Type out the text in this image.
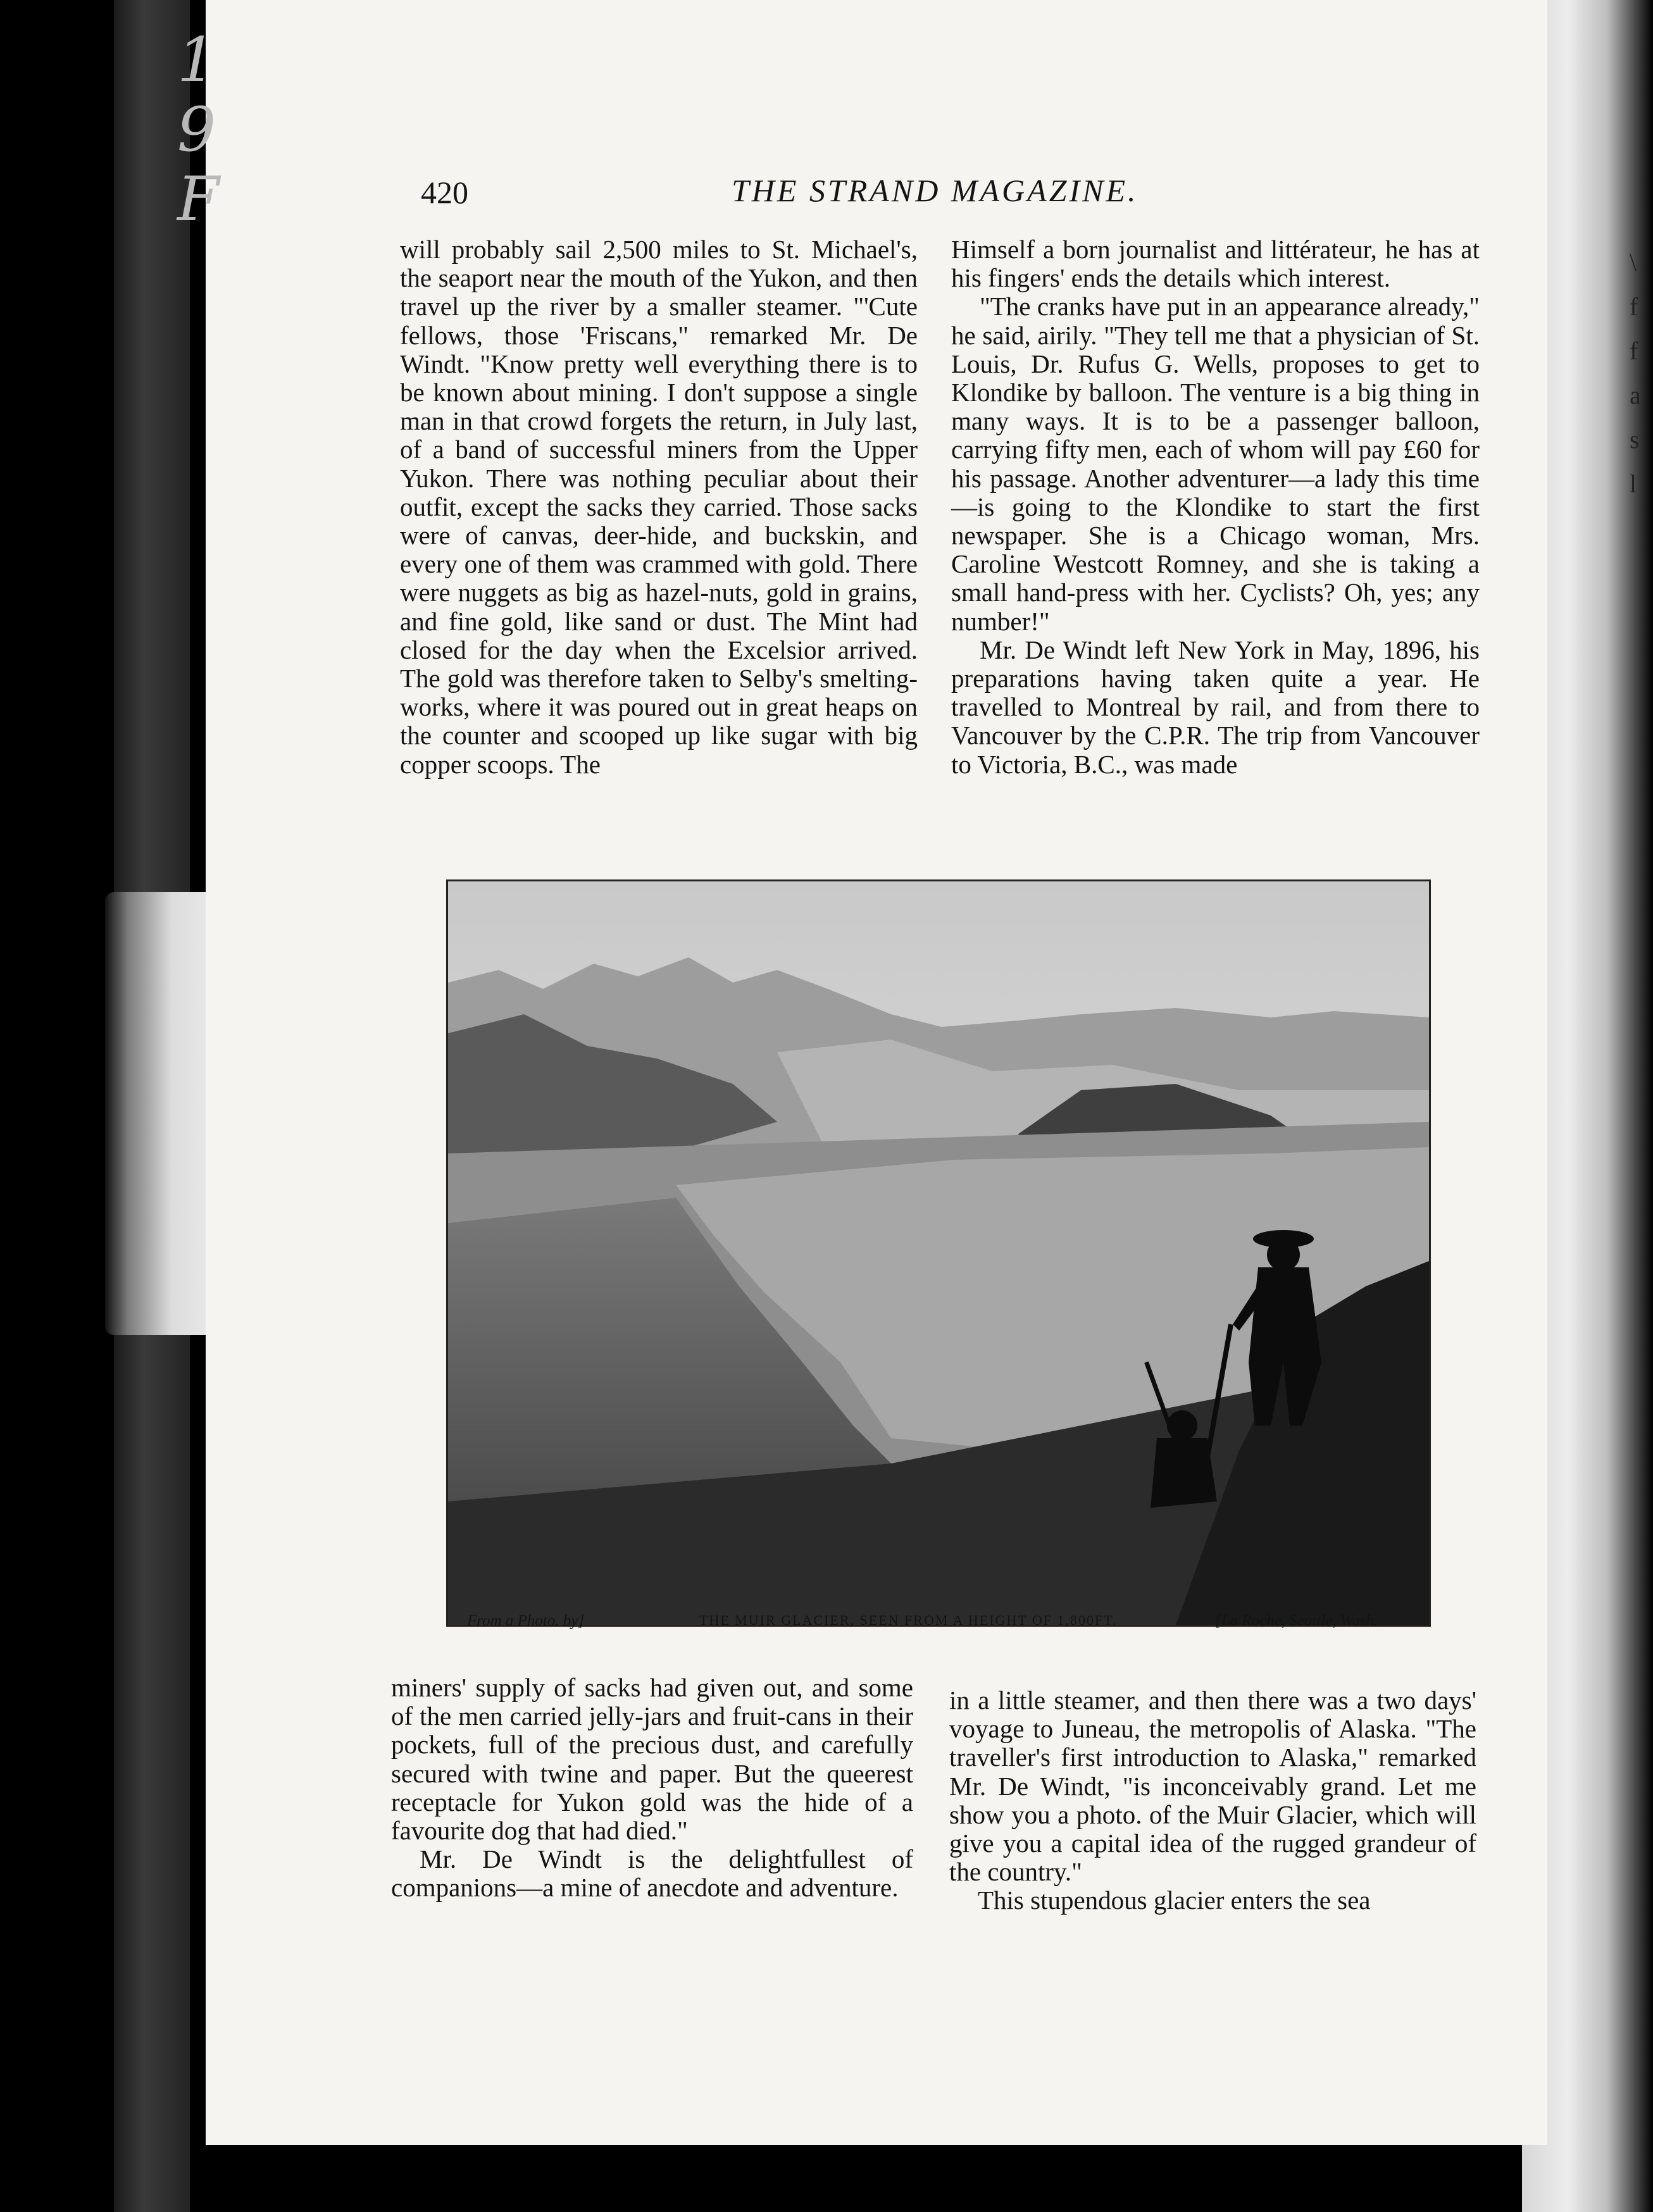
\
f
f
a
s
l
1
9
F	420	THE STRAND MAGAZINE.

will probably sail 2,500 miles to St. Michael's, the seaport near the mouth of the Yukon, and then travel up the river by a smaller steamer. "'Cute fellows, those 'Friscans," remarked Mr. De Windt. "Know pretty well everything there is to be known about mining. I don't suppose a single man in that crowd forgets the return, in July last, of a band of successful miners from the Upper Yukon. There was nothing peculiar about their outfit, except the sacks they carried. Those sacks were of canvas, deer-hide, and buckskin, and every one of them was crammed with gold. There were nuggets as big as hazel-nuts, gold in grains, and fine gold, like sand or dust. The Mint had closed for the day when the Excelsior arrived. The gold was therefore taken to Selby's smelting-works, where it was poured out in great heaps on the counter and scooped up like sugar with big copper scoops. The

Himself a born journalist and littérateur, he has at his fingers' ends the details which interest.

"The cranks have put in an appearance already," he said, airily. "They tell me that a physician of St. Louis, Dr. Rufus G. Wells, proposes to get to Klondike by balloon. The venture is a big thing in many ways. It is to be a passenger balloon, carrying fifty men, each of whom will pay £60 for his passage. Another adventurer—a lady this time—is going to the Klondike to start the first newspaper. She is a Chicago woman, Mrs. Caroline Westcott Romney, and she is taking a small hand-press with her. Cyclists? Oh, yes; any number!"

Mr. De Windt left New York in May, 1896, his preparations having taken quite a year. He travelled to Montreal by rail, and from there to Vancouver by the C.P.R. The trip from Vancouver to Victoria, B.C., was made

From a Photo. by]	THE MUIR GLACIER, SEEN FROM A HEIGHT OF 1,800FT.	[La Roche, Seattle, Wash.

miners' supply of sacks had given out, and some of the men carried jelly-jars and fruit-cans in their pockets, full of the precious dust, and carefully secured with twine and paper. But the queerest receptacle for Yukon gold was the hide of a favourite dog that had died."

Mr. De Windt is the delightfullest of companions—a mine of anecdote and adventure.

in a little steamer, and then there was a two days' voyage to Juneau, the metropolis of Alaska. "The traveller's first introduction to Alaska," remarked Mr. De Windt, "is inconceivably grand. Let me show you a photo. of the Muir Glacier, which will give you a capital idea of the rugged grandeur of the country."

This stupendous glacier enters the sea
